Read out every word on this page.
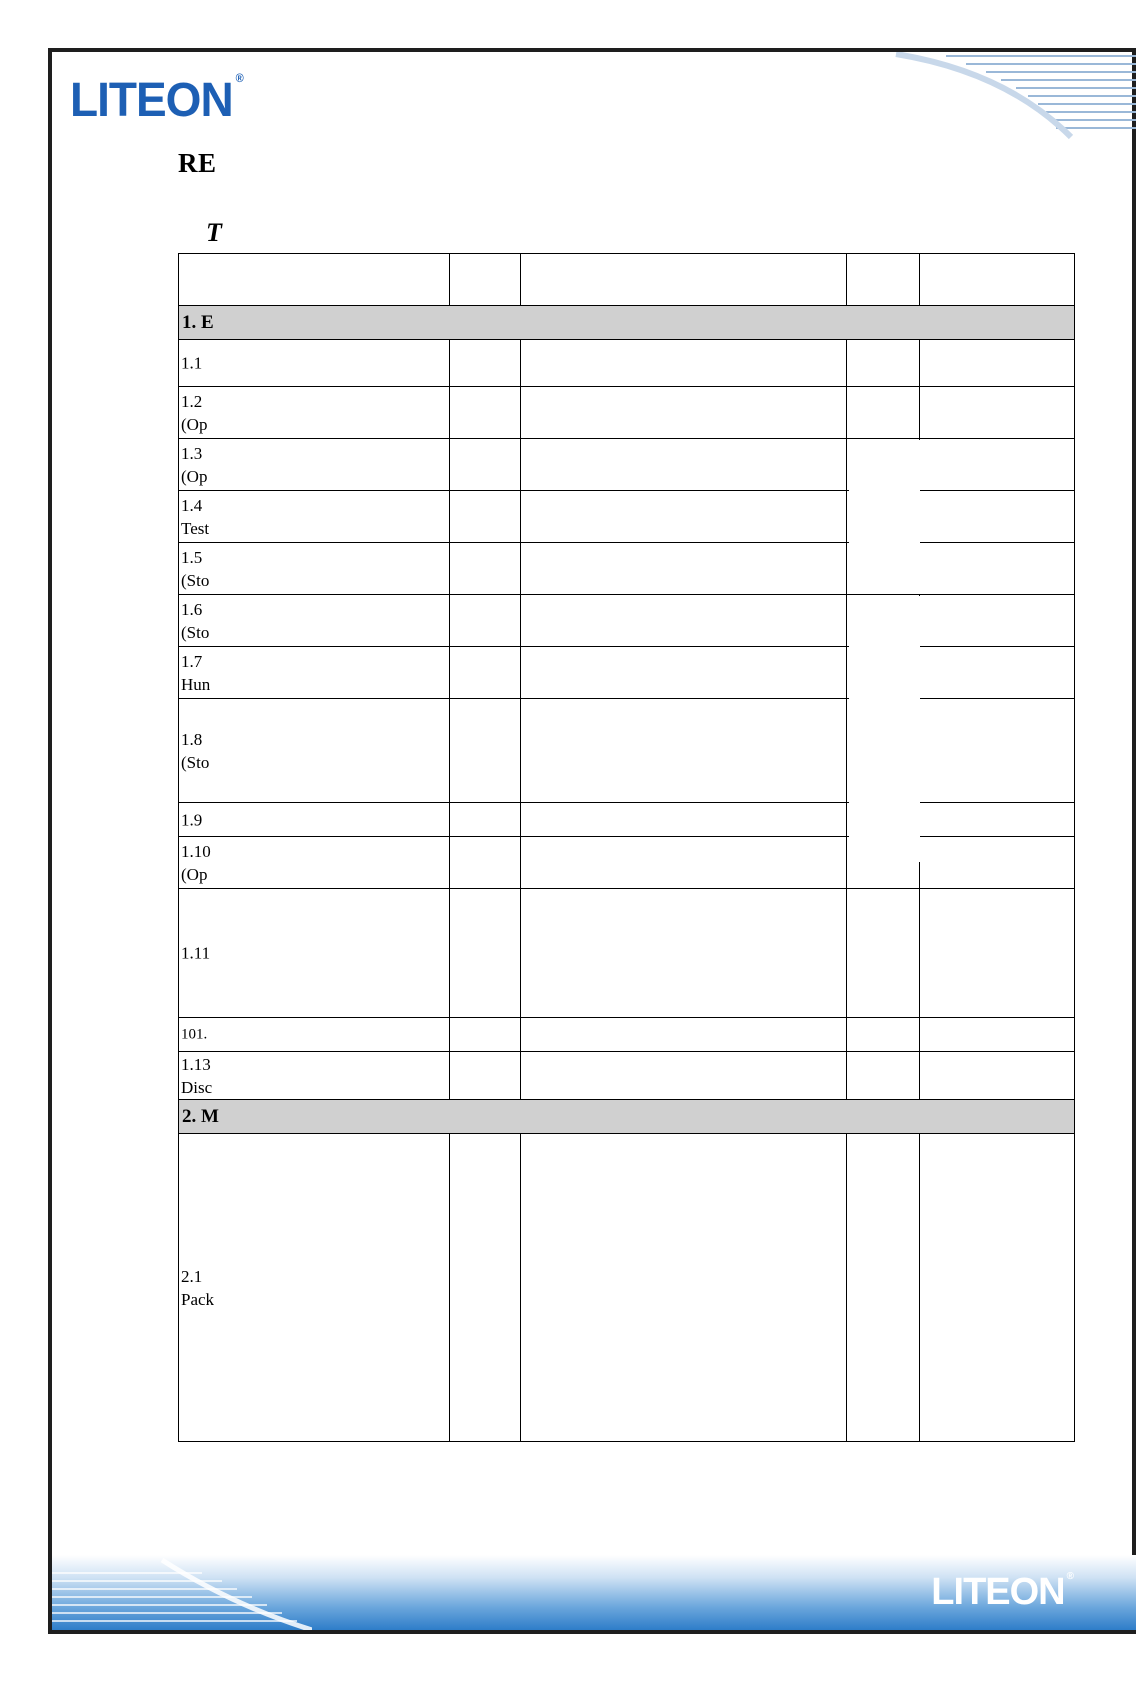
LITEON ®
RE
T
1. E
1.1
1.2
(Op
1.3
(Op
1.4
Test
1.5
(Sto
1.6
(Sto
1.7
Hun
1.8
(Sto
1.9
1.10
(Op
1.11
101.
1.13
Disc
2. M
2.1
Pack
LITEON ®
